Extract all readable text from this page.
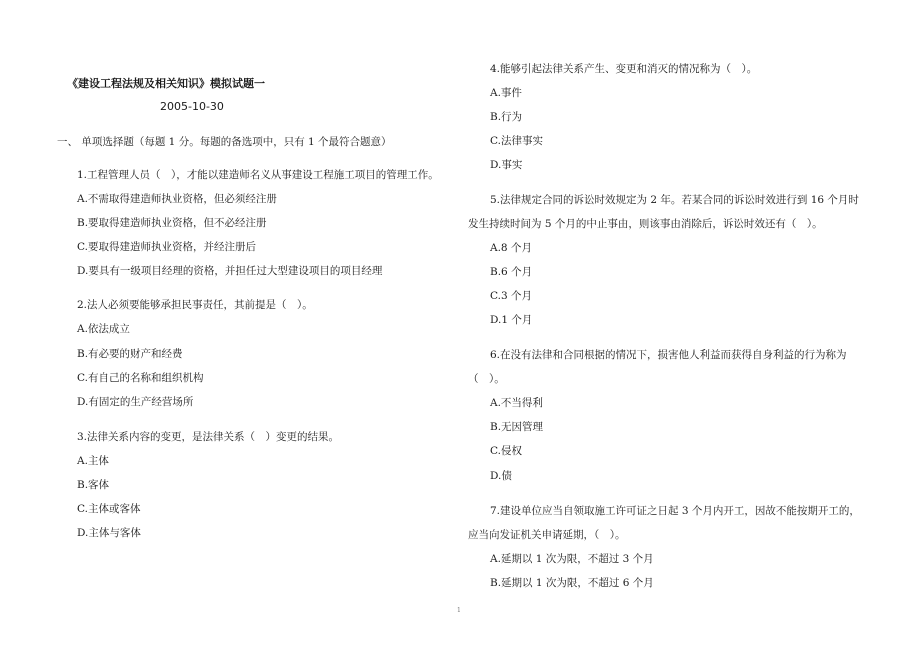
《建设工程法规及相关知识》模拟试题一
2005-10-30
一、 单项选择题（每题 1 分。每题的备选项中，只有 1 个最符合题意）
1.工程管理人员（　），才能以建造师名义从事建设工程施工项目的管理工作。
A.不需取得建造师执业资格，但必须经注册
B.要取得建造师执业资格，但不必经注册
C.要取得建造师执业资格，并经注册后
D.要具有一级项目经理的资格，并担任过大型建设项目的项目经理
2.法人必须要能够承担民事责任，其前提是（　）。
A.依法成立
B.有必要的财产和经费
C.有自己的名称和组织机构
D.有固定的生产经营场所
3.法律关系内容的变更，是法律关系（　）变更的结果。
A.主体
B.客体
C.主体或客体
D.主体与客体
4.能够引起法律关系产生、变更和消灭的情况称为（　）。
A.事件
B.行为
C.法律事实
D.事实
5.法律规定合同的诉讼时效规定为 2 年。若某合同的诉讼时效进行到 16 个月时
发生持续时间为 5 个月的中止事由，则该事由消除后，诉讼时效还有（　）。
A.8 个月
B.6 个月
C.3 个月
D.1 个月
6.在没有法律和合同根据的情况下，损害他人利益而获得自身利益的行为称为
（　）。
A.不当得利
B.无因管理
C.侵权
D.债
7.建设单位应当自领取施工许可证之日起 3 个月内开工，因故不能按期开工的，
应当向发证机关申请延期，（　）。
A.延期以 1 次为限，不超过 3 个月
B.延期以 1 次为限，不超过 6 个月
1
